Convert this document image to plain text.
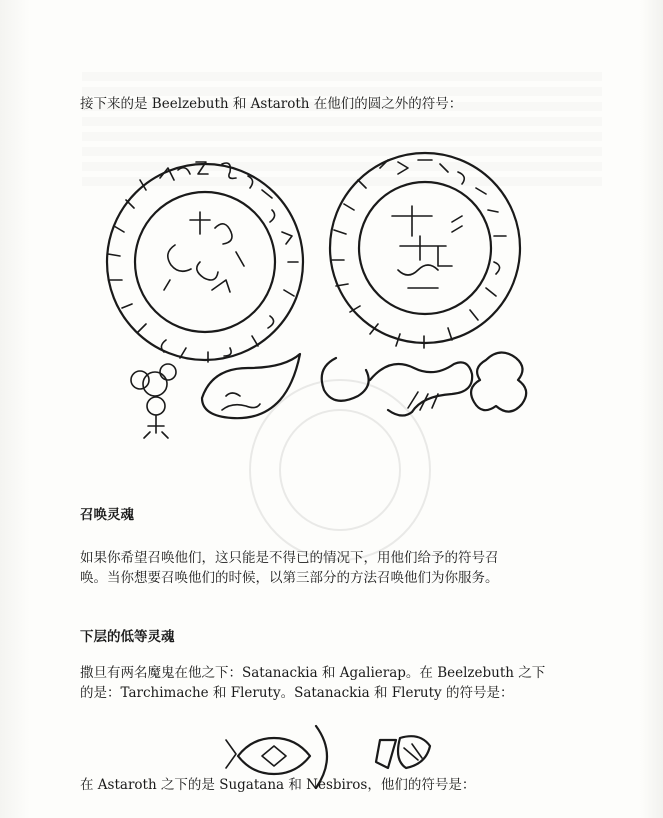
接下来的是 Beelzebuth 和 Astaroth 在他们的圆之外的符号：
召唤灵魂
如果你希望召唤他们，这只能是不得已的情况下，用他们给予的符号召
唤。当你想要召唤他们的时候，以第三部分的方法召唤他们为你服务。
下层的低等灵魂
撒旦有两名魔鬼在他之下：Satanackia 和 Agalierap。在 Beelzebuth 之下
的是：Tarchimache 和 Fleruty。Satanackia 和 Fleruty 的符号是：
在 Astaroth 之下的是 Sugatana 和 Nesbiros，他们的符号是：
